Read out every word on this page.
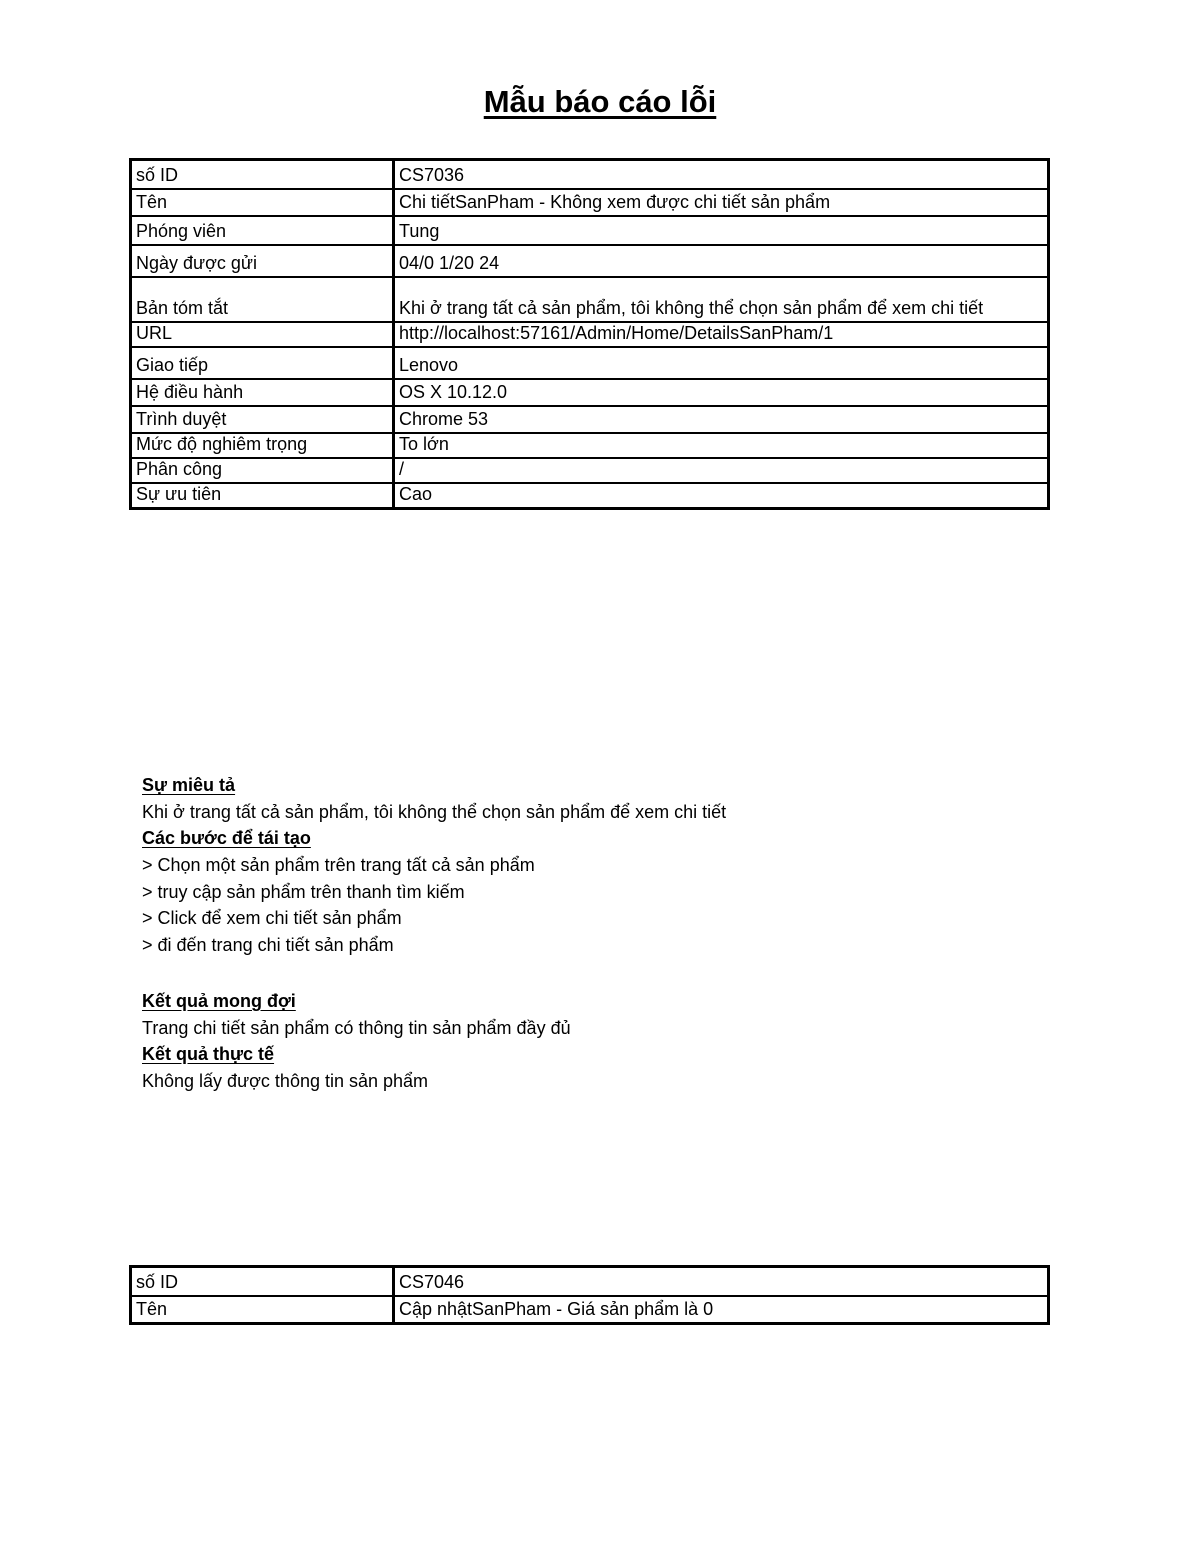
Mẫu báo cáo lỗi
số ID	CS7036
Tên	Chi tiếtSanPham - Không xem được chi tiết sản phẩm
Phóng viên	Tung
Ngày được gửi	04/0 1/20 24
Bản tóm tắt	Khi ở trang tất cả sản phẩm, tôi không thể chọn sản phẩm để xem chi tiết
URL	http://localhost:57161/Admin/Home/DetailsSanPham/1
Giao tiếp	Lenovo
Hệ điều hành	OS X 10.12.0
Trình duyệt	Chrome 53
Mức độ nghiêm trọng	To lớn
Phân công	/
Sự ưu tiên	Cao
Sự miêu tả
Khi ở trang tất cả sản phẩm, tôi không thể chọn sản phẩm để xem chi tiết
Các bước để tái tạo
> Chọn một sản phẩm trên trang tất cả sản phẩm
> truy cập sản phẩm trên thanh tìm kiếm
> Click để xem chi tiết sản phẩm
> đi đến trang chi tiết sản phẩm
Kết quả mong đợi
Trang chi tiết sản phẩm có thông tin sản phẩm đầy đủ
Kết quả thực tế
Không lấy được thông tin sản phẩm
số ID	CS7046
Tên	Cập nhậtSanPham - Giá sản phẩm là 0
